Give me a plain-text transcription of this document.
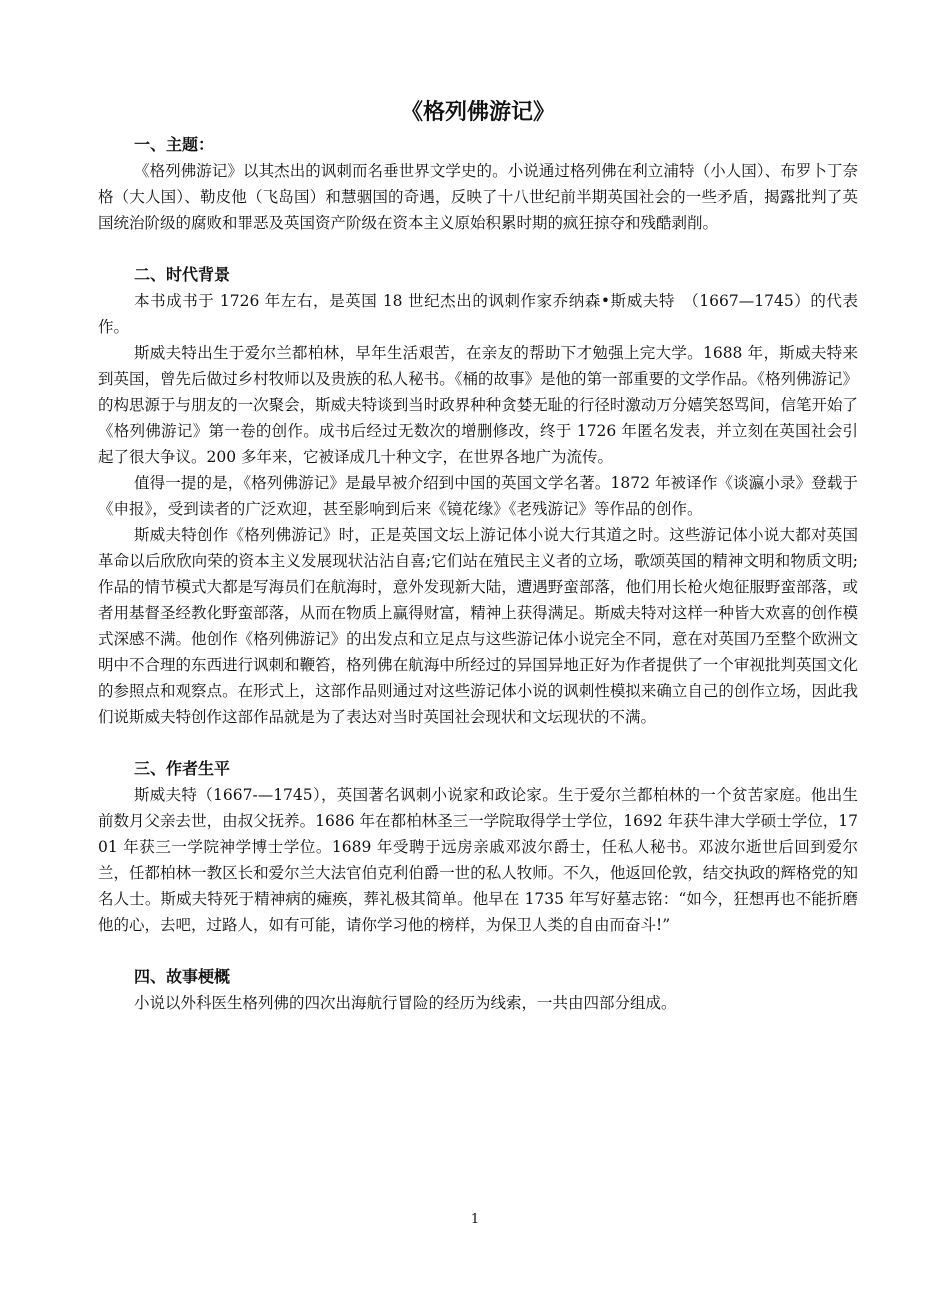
《格列佛游记》
一、主题：

《格列佛游记》以其杰出的讽刺而名垂世界文学史的。小说通过格列佛在利立浦特（小人国）、布罗卜丁奈格（大人国）、勒皮他（飞岛国）和慧骃国的奇遇，反映了十八世纪前半期英国社会的一些矛盾，揭露批判了英国统治阶级的腐败和罪恶及英国资产阶级在资本主义原始积累时期的疯狂掠夺和残酷剥削。

二、时代背景

本书成书于 1726 年左右，是英国 18 世纪杰出的讽刺作家乔纳森•斯威夫特　（1667—1745）的代表作。

斯威夫特出生于爱尔兰都柏林，早年生活艰苦，在亲友的帮助下才勉强上完大学。1688 年，斯威夫特来到英国，曾先后做过乡村牧师以及贵族的私人秘书。《桶的故事》是他的第一部重要的文学作品。《格列佛游记》的构思源于与朋友的一次聚会，斯威夫特谈到当时政界种种贪婪无耻的行径时激动万分嬉笑怒骂间，信笔开始了《格列佛游记》第一卷的创作。成书后经过无数次的增删修改，终于 1726 年匿名发表，并立刻在英国社会引起了很大争议。200 多年来，它被译成几十种文字，在世界各地广为流传。

值得一提的是，《格列佛游记》是最早被介绍到中国的英国文学名著。1872 年被译作《谈瀛小录》登载于《申报》，受到读者的广泛欢迎，甚至影响到后来《镜花缘》《老残游记》等作品的创作。

斯威夫特创作《格列佛游记》时，正是英国文坛上游记体小说大行其道之时。这些游记体小说大都对英国革命以后欣欣向荣的资本主义发展现状沾沾自喜;它们站在殖民主义者的立场，歌颂英国的精神文明和物质文明;作品的情节模式大都是写海员们在航海时，意外发现新大陆，遭遇野蛮部落，他们用长枪火炮征服野蛮部落，或者用基督圣经教化野蛮部落，从而在物质上赢得财富，精神上获得满足。斯威夫特对这样一种皆大欢喜的创作模式深感不满。他创作《格列佛游记》的出发点和立足点与这些游记体小说完全不同，意在对英国乃至整个欧洲文明中不合理的东西进行讽刺和鞭笞，格列佛在航海中所经过的异国异地正好为作者提供了一个审视批判英国文化的参照点和观察点。在形式上，这部作品则通过对这些游记体小说的讽刺性模拟来确立自己的创作立场，因此我们说斯威夫特创作这部作品就是为了表达对当时英国社会现状和文坛现状的不满。

三、作者生平

斯威夫特（1667-—1745），英国著名讽刺小说家和政论家。生于爱尔兰都柏林的一个贫苦家庭。他出生前数月父亲去世，由叔父抚养。1686 年在都柏林圣三一学院取得学士学位，1692 年获牛津大学硕士学位，1701 年获三一学院神学博士学位。1689 年受聘于远房亲戚邓波尔爵士，任私人秘书。邓波尔逝世后回到爱尔兰，任都柏林一教区长和爱尔兰大法官伯克利伯爵一世的私人牧师。不久，他返回伦敦，结交执政的辉格党的知名人士。斯威夫特死于精神病的瘫痪，葬礼极其简单。他早在 1735 年写好墓志铭：“如今，狂想再也不能折磨他的心，去吧，过路人，如有可能，请你学习他的榜样，为保卫人类的自由而奋斗!”

四、故事梗概

小说以外科医生格列佛的四次出海航行冒险的经历为线索，一共由四部分组成。

1
